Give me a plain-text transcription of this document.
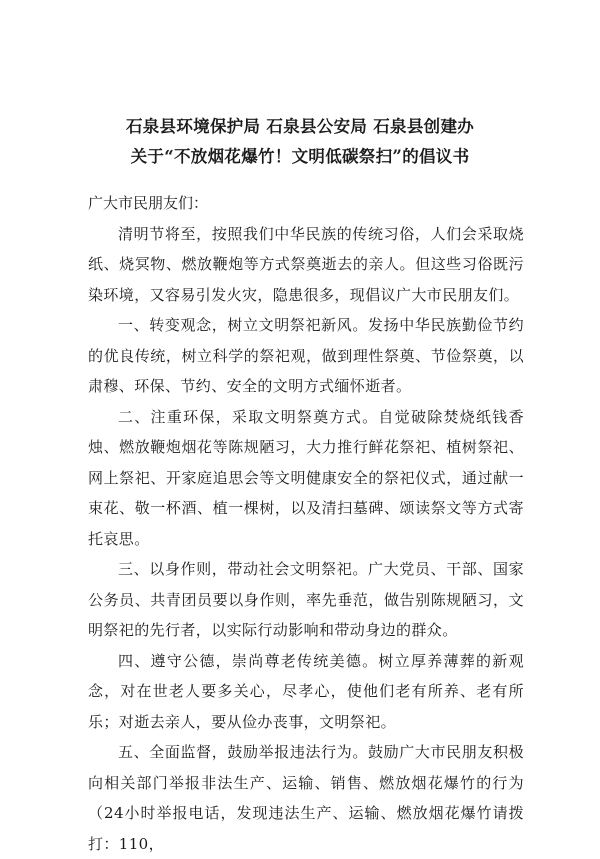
石泉县环境保护局 石泉县公安局 石泉县创建办

关于“不放烟花爆竹！文明低碳祭扫”的倡议书

广大市民朋友们：

清明节将至，按照我们中华民族的传统习俗，人们会采取烧纸、烧冥物、燃放鞭炮等方式祭奠逝去的亲人。但这些习俗既污染环境，又容易引发火灾，隐患很多，现倡议广大市民朋友们。

一、转变观念，树立文明祭祀新风。发扬中华民族勤俭节约的优良传统，树立科学的祭祀观，做到理性祭奠、节俭祭奠，以肃穆、环保、节约、安全的文明方式缅怀逝者。

二、注重环保，采取文明祭奠方式。自觉破除焚烧纸钱香烛、燃放鞭炮烟花等陈规陋习，大力推行鲜花祭祀、植树祭祀、网上祭祀、开家庭追思会等文明健康安全的祭祀仪式，通过献一束花、敬一杯酒、植一棵树，以及清扫墓碑、颂读祭文等方式寄托哀思。

三、以身作则，带动社会文明祭祀。广大党员、干部、国家公务员、共青团员要以身作则，率先垂范，做告别陈规陋习，文明祭祀的先行者，以实际行动影响和带动身边的群众。

四、遵守公德，崇尚尊老传统美德。树立厚养薄葬的新观念，对在世老人要多关心，尽孝心，使他们老有所养、老有所乐；对逝去亲人，要从俭办丧事，文明祭祀。

五、全面监督，鼓励举报违法行为。鼓励广大市民朋友积极向相关部门举报非法生产、运输、销售、燃放烟花爆竹的行为（24小时举报电话，发现违法生产、运输、燃放烟花爆竹请拨打：110，
